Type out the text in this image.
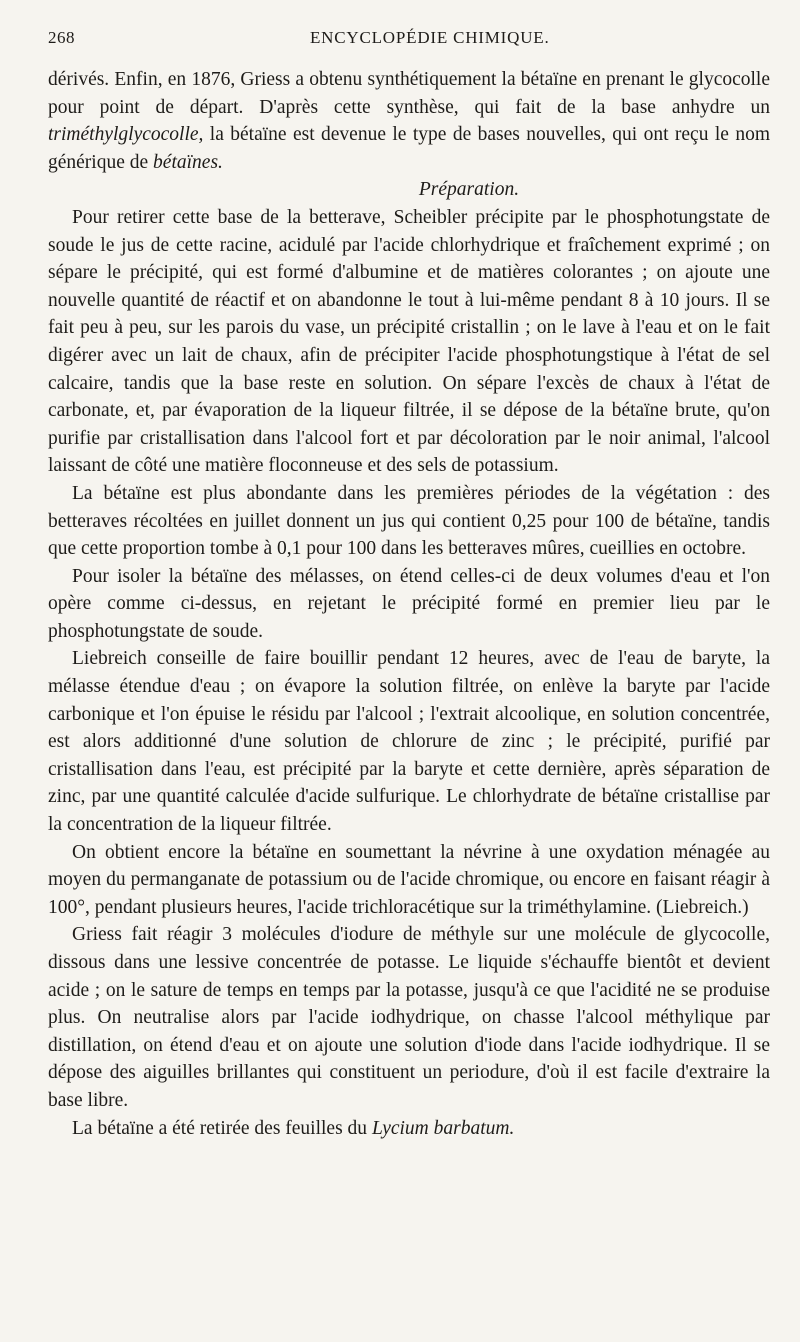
268	ENCYCLOPÉDIE CHIMIQUE.

dérivés. Enfin, en 1876, Griess a obtenu synthétiquement la bétaïne en prenant le glycocolle pour point de départ. D'après cette synthèse, qui fait de la base anhydre un triméthylglycocolle, la bétaïne est devenue le type de bases nouvelles, qui ont reçu le nom générique de bétaïnes.

Préparation.

Pour retirer cette base de la betterave, Scheibler précipite par le phosphotungstate de soude le jus de cette racine, acidulé par l'acide chlorhydrique et fraîchement exprimé ; on sépare le précipité, qui est formé d'albumine et de matières colorantes ; on ajoute une nouvelle quantité de réactif et on abandonne le tout à lui-même pendant 8 à 10 jours. Il se fait peu à peu, sur les parois du vase, un précipité cristallin ; on le lave à l'eau et on le fait digérer avec un lait de chaux, afin de précipiter l'acide phosphotungstique à l'état de sel calcaire, tandis que la base reste en solution. On sépare l'excès de chaux à l'état de carbonate, et, par évaporation de la liqueur filtrée, il se dépose de la bétaïne brute, qu'on purifie par cristallisation dans l'alcool fort et par décoloration par le noir animal, l'alcool laissant de côté une matière floconneuse et des sels de potassium.

La bétaïne est plus abondante dans les premières périodes de la végétation : des betteraves récoltées en juillet donnent un jus qui contient 0,25 pour 100 de bétaïne, tandis que cette proportion tombe à 0,1 pour 100 dans les betteraves mûres, cueillies en octobre.

Pour isoler la bétaïne des mélasses, on étend celles-ci de deux volumes d'eau et l'on opère comme ci-dessus, en rejetant le précipité formé en premier lieu par le phosphotungstate de soude.

Liebreich conseille de faire bouillir pendant 12 heures, avec de l'eau de baryte, la mélasse étendue d'eau ; on évapore la solution filtrée, on enlève la baryte par l'acide carbonique et l'on épuise le résidu par l'alcool ; l'extrait alcoolique, en solution concentrée, est alors additionné d'une solution de chlorure de zinc ; le précipité, purifié par cristallisation dans l'eau, est précipité par la baryte et cette dernière, après séparation de zinc, par une quantité calculée d'acide sulfurique. Le chlorhydrate de bétaïne cristallise par la concentration de la liqueur filtrée.

On obtient encore la bétaïne en soumettant la névrine à une oxydation ménagée au moyen du permanganate de potassium ou de l'acide chromique, ou encore en faisant réagir à 100°, pendant plusieurs heures, l'acide trichloracétique sur la triméthylamine. (Liebreich.)

Griess fait réagir 3 molécules d'iodure de méthyle sur une molécule de glycocolle, dissous dans une lessive concentrée de potasse. Le liquide s'échauffe bientôt et devient acide ; on le sature de temps en temps par la potasse, jusqu'à ce que l'acidité ne se produise plus. On neutralise alors par l'acide iodhydrique, on chasse l'alcool méthylique par distillation, on étend d'eau et on ajoute une solution d'iode dans l'acide iodhydrique. Il se dépose des aiguilles brillantes qui constituent un periodure, d'où il est facile d'extraire la base libre.

La bétaïne a été retirée des feuilles du Lycium barbatum.
